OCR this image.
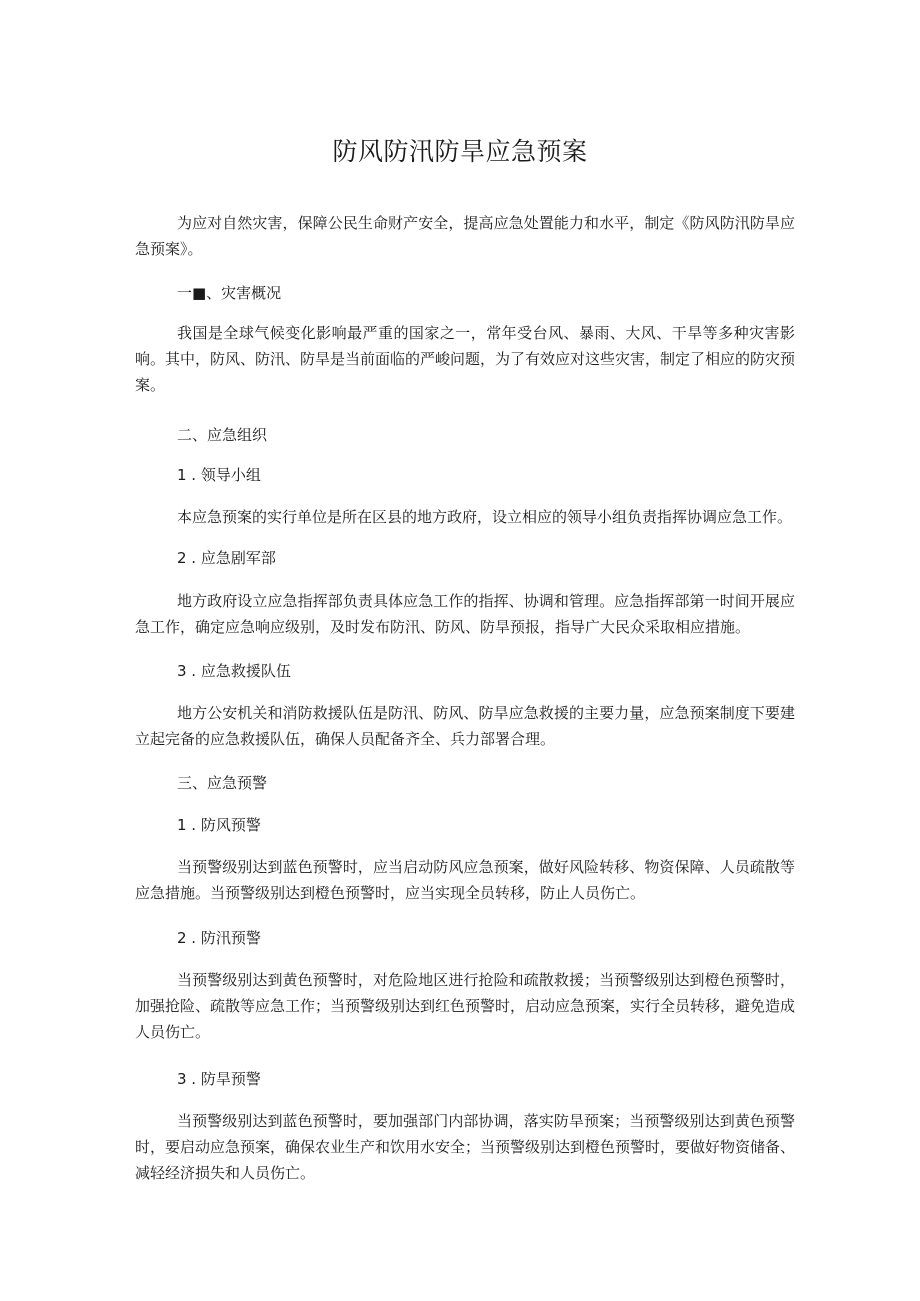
防风防汛防旱应急预案

为应对自然灾害，保障公民生命财产安全，提高应急处置能力和水平，制定《防风防汛防旱应急预案》。

一■、灾害概况

我国是全球气候变化影响最严重的国家之一，常年受台风、暴雨、大风、干旱等多种灾害影响。其中，防风、防汛、防旱是当前面临的严峻问题，为了有效应对这些灾害，制定了相应的防灾预案。

二、应急组织

1 . 领导小组

本应急预案的实行单位是所在区县的地方政府，设立相应的领导小组负责指挥协调应急工作。

2 . 应急剧军部

地方政府设立应急指挥部负责具体应急工作的指挥、协调和管理。应急指挥部第一时间开展应急工作，确定应急响应级别，及时发布防汛、防风、防旱预报，指导广大民众采取相应措施。

3 . 应急救援队伍

地方公安机关和消防救援队伍是防汛、防风、防旱应急救援的主要力量，应急预案制度下要建立起完备的应急救援队伍，确保人员配备齐全、兵力部署合理。

三、应急预警

1 . 防风预警

当预警级别达到蓝色预警时，应当启动防风应急预案，做好风险转移、物资保障、人员疏散等应急措施。当预警级别达到橙色预警时，应当实现全员转移，防止人员伤亡。

2 . 防汛预警

当预警级别达到黄色预警时，对危险地区进行抢险和疏散救援；当预警级别达到橙色预警时，加强抢险、疏散等应急工作；当预警级别达到红色预警时，启动应急预案，实行全员转移，避免造成人员伤亡。

3 . 防旱预警

当预警级别达到蓝色预警时，要加强部门内部协调，落实防旱预案；当预警级别达到黄色预警时，要启动应急预案，确保农业生产和饮用水安全；当预警级别达到橙色预警时，要做好物资储备、减轻经济损失和人员伤亡。
